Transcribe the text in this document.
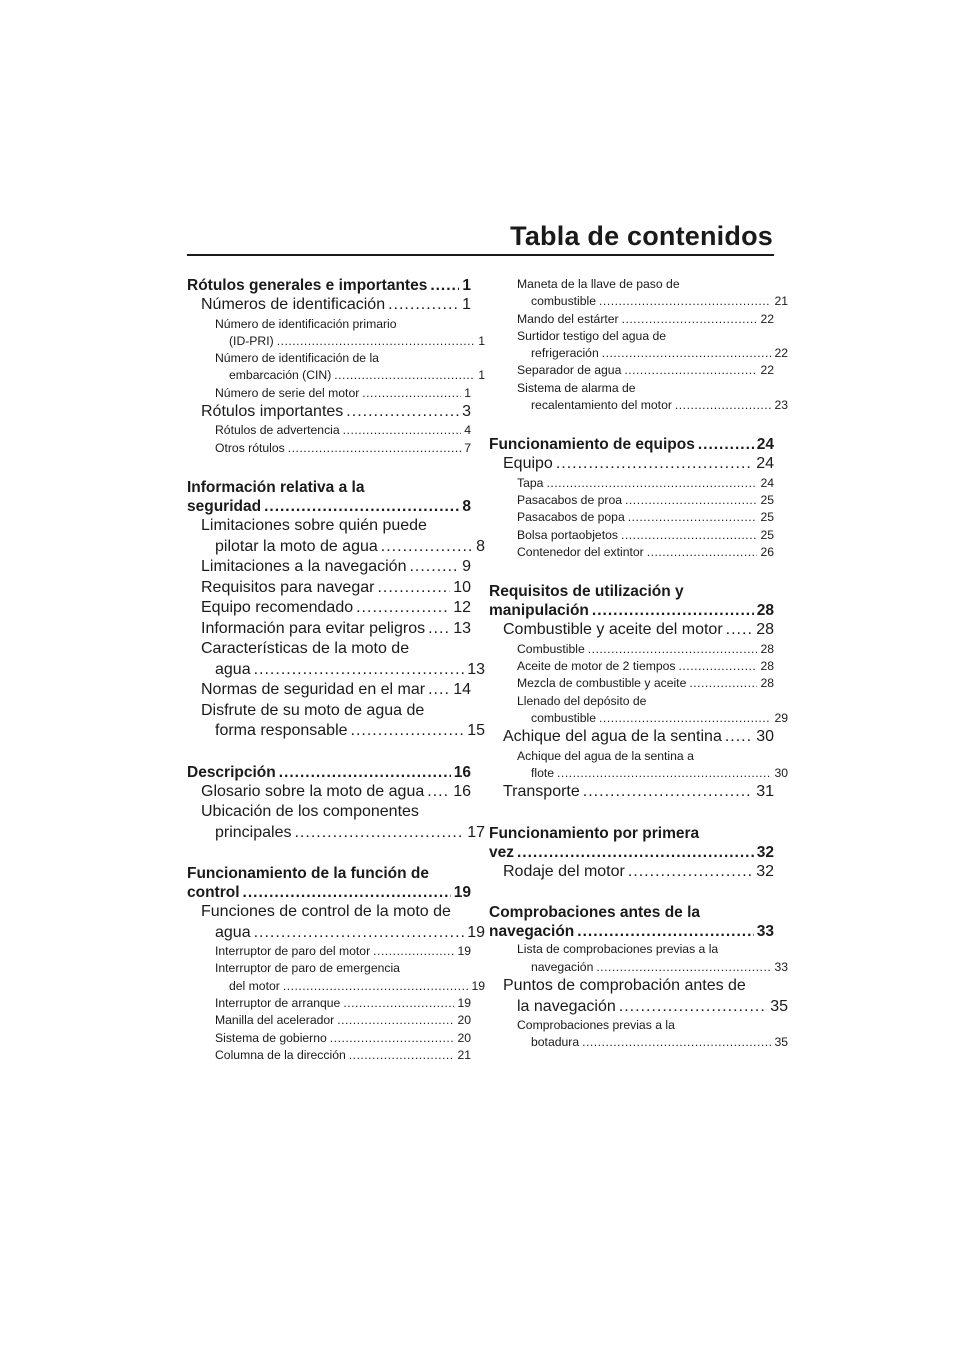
Tabla de contenidos
Rótulos generales e importantes ..... 1
Números de identificación .....	1
Número de identificación primario
(ID-PRI) .....	1
Número de identificación de la
embarcación (CIN) .....	1
Número de serie del motor .....	1
Rótulos importantes .....	3
Rótulos de advertencia .....	4
Otros rótulos .....	7
Información relativa a la
seguridad .....	8
Limitaciones sobre quién puede
pilotar la moto de agua .....	8
Limitaciones a la navegación .....	9
Requisitos para navegar .....	10
Equipo recomendado .....	12
Información para evitar peligros ..... 13
Características de la moto de
agua .....	13
Normas de seguridad en el mar ..... 14
Disfrute de su moto de agua de
forma responsable .....	15
Descripción .....	16
Glosario sobre la moto de agua ..... 16
Ubicación de los componentes
principales .....	17
Funcionamiento de la función de
control .....	19
Funciones de control de la moto de
agua .....	19
Interruptor de paro del motor .....	19
Interruptor de paro de emergencia
del motor .....	19
Interruptor de arranque .....	19
Manilla del acelerador .....	20
Sistema de gobierno .....	20
Columna de la dirección .....	21
Maneta de la llave de paso de
combustible .....	21
Mando del estárter .....	22
Surtidor testigo del agua de
refrigeración .....	22
Separador de agua .....	22
Sistema de alarma de
recalentamiento del motor .....	23
Funcionamiento de equipos .....	24
Equipo .....	24
Tapa .....	24
Pasacabos de proa .....	25
Pasacabos de popa .....	25
Bolsa portaobjetos .....	25
Contenedor del extintor .....	26
Requisitos de utilización y
manipulación .....	28
Combustible y aceite del motor ..... 28
Combustible .....	28
Aceite de motor de 2 tiempos .....	28
Mezcla de combustible y aceite .....	28
Llenado del depósito de
combustible .....	29
Achique del agua de la sentina ..... 30
Achique del agua de la sentina a
flote .....	30
Transporte .....	31
Funcionamiento por primera
vez .....	32
Rodaje del motor .....	32
Comprobaciones antes de la
navegación .....	33
Lista de comprobaciones previas a la
navegación .....	33
Puntos de comprobación antes de
la navegación .....	35
Comprobaciones previas a la
botadura .....	35
